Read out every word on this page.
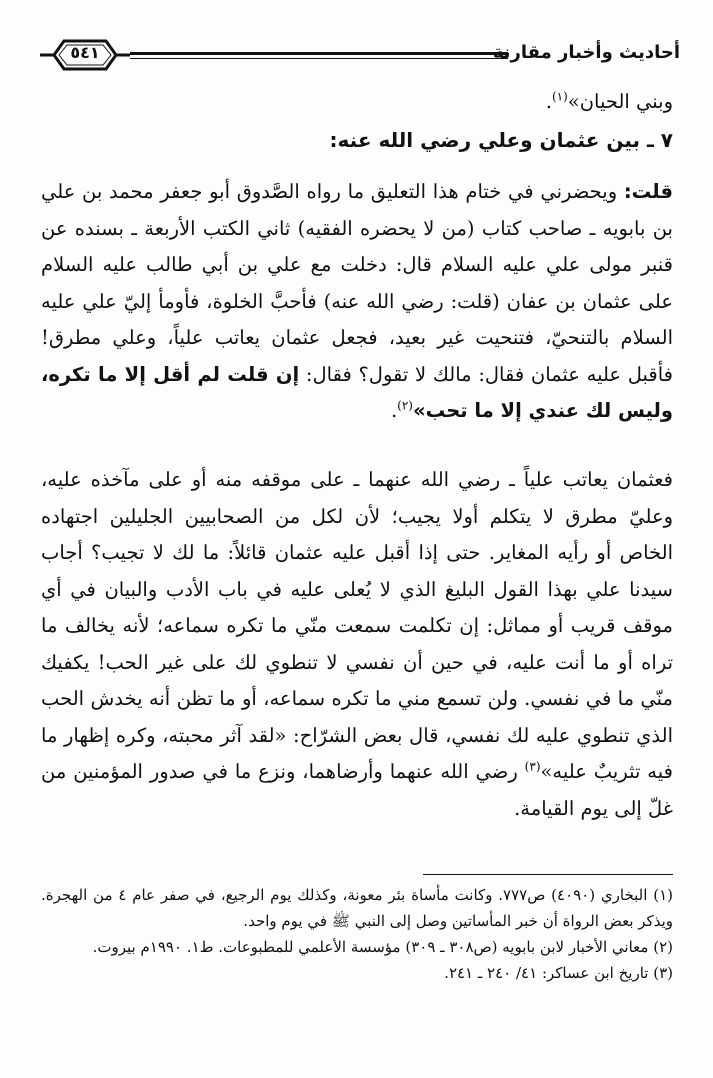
أحاديث وأخبار مقارنة
٥٤١
وبني الحيان»$^{(١)}$.
٧ ـ بين عثمان وعلي رضي الله عنه:
قلت: ويحضرني في ختام هذا التعليق ما رواه الصَّدوق أبو جعفر محمد بن علي بن بابويه ـ صاحب كتاب (من لا يحضره الفقيه) ثاني الكتب الأربعة ـ بسنده عن قنبر مولى علي عليه السلام قال: دخلت مع علي بن أبي طالب عليه السلام على عثمان بن عفان (قلت: رضي الله عنه) فأحبَّ الخلوة، فأومأ إليّ علي عليه السلام بالتنحيّ، فتنحيت غير بعيد، فجعل عثمان يعاتب علياً، وعلي مطرق! فأقبل عليه عثمان فقال: مالك لا تقول؟ فقال: إن قلت لم أقل إلا ما تكره، وليس لك عندي إلا ما تحب»$^{(٢)}$.
فعثمان يعاتب علياً ـ رضي الله عنهما ـ على موقفه منه أو على مآخذه عليه، وعليّ مطرق لا يتكلم أولا يجيب؛ لأن لكل من الصحابيين الجليلين اجتهاده الخاص أو رأيه المغاير. حتى إذا أقبل عليه عثمان قائلاً: ما لك لا تجيب؟ أجاب سيدنا علي بهذا القول البليغ الذي لا يُعلى عليه في باب الأدب والبيان في أي موقف قريب أو مماثل: إن تكلمت سمعت منّي ما تكره سماعه؛ لأنه يخالف ما تراه أو ما أنت عليه، في حين أن نفسي لا تنطوي لك على غير الحب! يكفيك منّي ما في نفسي. ولن تسمع مني ما تكره سماعه، أو ما تظن أنه يخدش الحب الذي تنطوي عليه لك نفسي، قال بعض الشرّاح: «لقد آثر محبته، وكره إظهار ما فيه تثريبٌ عليه»$^{(٣)}$ رضي الله عنهما وأرضاهما، ونزع ما في صدور المؤمنين من غلّ إلى يوم القيامة.

(١) البخاري (٤٠٩٠) ص٧٧٧. وكانت مأساة بئر معونة، وكذلك يوم الرجيع، في صفر عام ٤ من الهجرة. ويذكر بعض الرواة أن خبر المأساتين وصل إلى النبي ﷺ في يوم واحد.

(٢) معاني الأخبار لابن بابويه (ص٣٠٨ ـ ٣٠٩) مؤسسة الأعلمي للمطبوعات. ط١. ١٩٩٠م بيروت.

(٣) تاريخ ابن عساكر: ٤١/ ٢٤٠ ـ ٢٤١.
